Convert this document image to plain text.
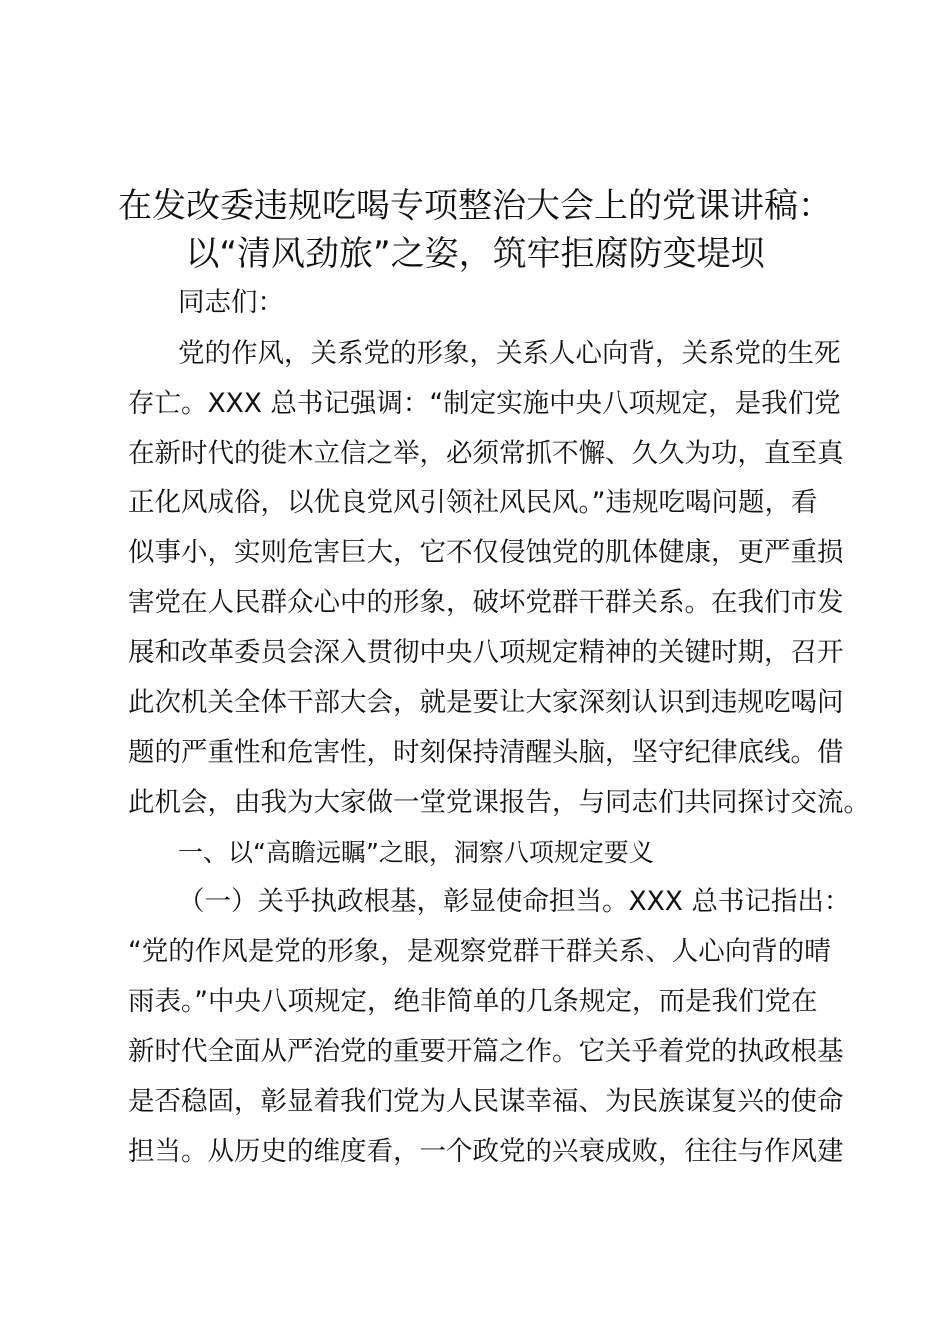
在发改委违规吃喝专项整治大会上的党课讲稿：
以“清风劲旅”之姿，筑牢拒腐防变堤坝
同志们：
党的作风，关系党的形象，关系人心向背，关系党的生死
存亡。XXX 总书记强调：“制定实施中央八项规定，是我们党
在新时代的徙木立信之举，必须常抓不懈、久久为功，直至真
正化风成俗，以优良党风引领社风民风。”违规吃喝问题，看
似事小，实则危害巨大，它不仅侵蚀党的肌体健康，更严重损
害党在人民群众心中的形象，破坏党群干群关系。在我们市发
展和改革委员会深入贯彻中央八项规定精神的关键时期，召开
此次机关全体干部大会，就是要让大家深刻认识到违规吃喝问
题的严重性和危害性，时刻保持清醒头脑，坚守纪律底线。借
此机会，由我为大家做一堂党课报告，与同志们共同探讨交流。
一、以“高瞻远瞩”之眼，洞察八项规定要义
（一）关乎执政根基，彰显使命担当。XXX 总书记指出：
“党的作风是党的形象，是观察党群干群关系、人心向背的晴
雨表。”中央八项规定，绝非简单的几条规定，而是我们党在
新时代全面从严治党的重要开篇之作。它关乎着党的执政根基
是否稳固，彰显着我们党为人民谋幸福、为民族谋复兴的使命
担当。从历史的维度看，一个政党的兴衰成败，往往与作风建
